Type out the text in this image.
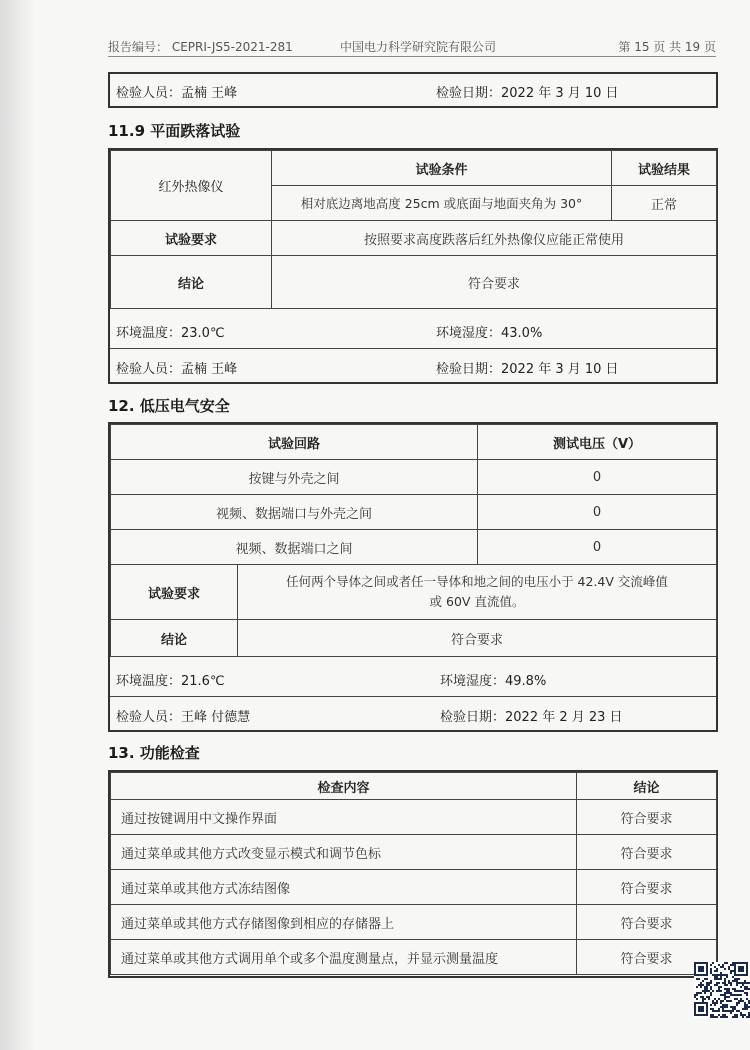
报告编号： CEPRI-JS5-2021-281	中国电力科学研究院有限公司	第 15 页 共 19 页
检验人员：孟楠 王峰	检验日期：2022 年 3 月 10 日
11.9 平面跌落试验
红外热像仪	试验条件	试验结果
	相对底边离地高度 25cm 或底面与地面夹角为 30°	正常
试验要求	按照要求高度跌落后红外热像仪应能正常使用	
结论	符合要求	
环境温度：23.0℃	环境湿度：43.0%
检验人员：孟楠 王峰	检验日期：2022 年 3 月 10 日
12. 低压电气安全
试验回路		测试电压（V）
按键与外壳之间		0
视频、数据端口与外壳之间		0
视频、数据端口之间		0
试验要求	任何两个导体之间或者任一导体和地之间的电压小于 42.4V 交流峰值
或 60V 直流值。	

结论	符合要求	
环境温度：21.6℃	环境湿度：49.8%
检验人员：王峰 付德慧	检验日期：2022 年 2 月 23 日
13. 功能检查
检查内容	结论
通过按键调用中文操作界面	符合要求
通过菜单或其他方式改变显示模式和调节色标	符合要求
通过菜单或其他方式冻结图像	符合要求
通过菜单或其他方式存储图像到相应的存储器上	符合要求
通过菜单或其他方式调用单个或多个温度测量点，并显示测量温度	符合要求
